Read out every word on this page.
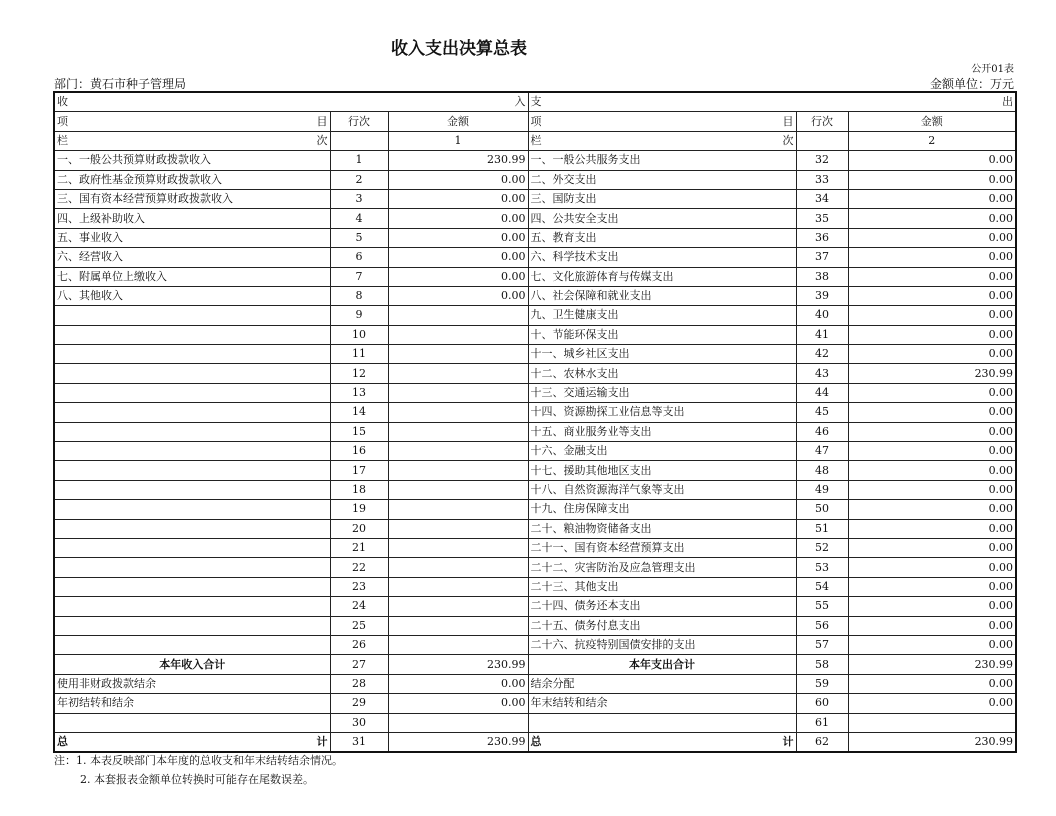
收入支出决算总表
公开01表
部门：黄石市种子管理局	金额单位：万元
收 入			支 出		

项 目	行次	金额	项 目	行次	金额

栏 次		1	栏 次		2
一、一般公共预算财政拨款收入	1	230.99	一、一般公共服务支出	32	0.00
二、政府性基金预算财政拨款收入	2	0.00	二、外交支出	33	0.00
三、国有资本经营预算财政拨款收入	3	0.00	三、国防支出	34	0.00
四、上级补助收入	4	0.00	四、公共安全支出	35	0.00
五、事业收入	5	0.00	五、教育支出	36	0.00
六、经营收入	6	0.00	六、科学技术支出	37	0.00
七、附属单位上缴收入	7	0.00	七、文化旅游体育与传媒支出	38	0.00
八、其他收入	8	0.00	八、社会保障和就业支出	39	0.00
	9		九、卫生健康支出	40	0.00
	10		十、节能环保支出	41	0.00
	11		十一、城乡社区支出	42	0.00
	12		十二、农林水支出	43	230.99
	13		十三、交通运输支出	44	0.00
	14		十四、资源勘探工业信息等支出	45	0.00
	15		十五、商业服务业等支出	46	0.00
	16		十六、金融支出	47	0.00
	17		十七、援助其他地区支出	48	0.00
	18		十八、自然资源海洋气象等支出	49	0.00
	19		十九、住房保障支出	50	0.00
	20		二十、粮油物资储备支出	51	0.00
	21		二十一、国有资本经营预算支出	52	0.00
	22		二十二、灾害防治及应急管理支出	53	0.00
	23		二十三、其他支出	54	0.00
	24		二十四、债务还本支出	55	0.00
	25		二十五、债务付息支出	56	0.00
	26		二十六、抗疫特别国债安排的支出	57	0.00
本年收入合计	27	230.99	本年支出合计	58	230.99
使用非财政拨款结余	28	0.00	结余分配	59	0.00
年初结转和结余	29	0.00	年末结转和结余	60	0.00
	30			61	

总 计	31	230.99	总 计	62	230.99
注：1. 本表反映部门本年度的总收支和年末结转结余情况。
2. 本套报表金额单位转换时可能存在尾数误差。
